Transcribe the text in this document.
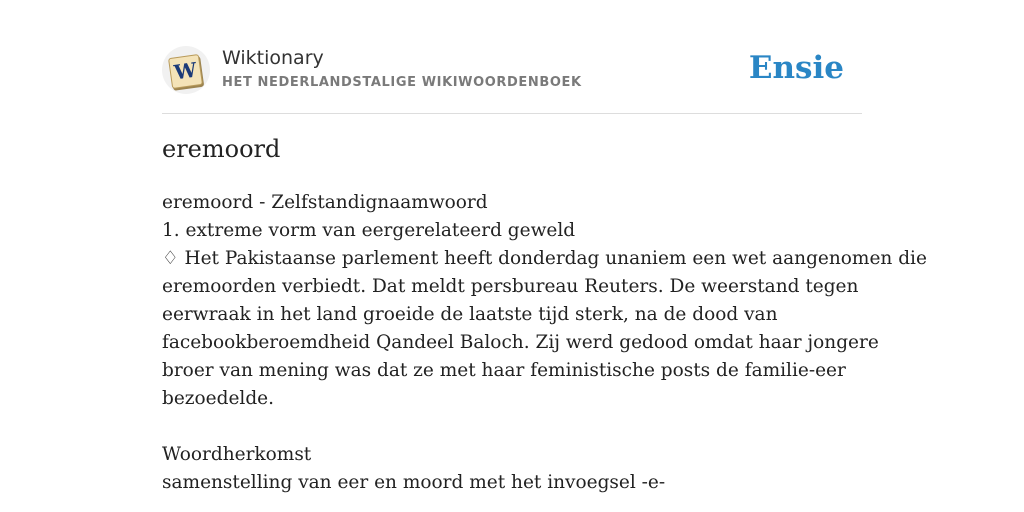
W Wiktionary
HET NEDERLANDSTALIGE WIKIWOORDENBOEK	Ensie
eremoord
eremoord - Zelfstandignaamwoord
1. extreme vorm van eergerelateerd geweld
♢ Het Pakistaanse parlement heeft donderdag unaniem een wet aangenomen die
eremoorden verbiedt. Dat meldt persbureau Reuters. De weerstand tegen
eerwraak in het land groeide de laatste tijd sterk, na de dood van
facebookberoemdheid Qandeel Baloch. Zij werd gedood omdat haar jongere
broer van mening was dat ze met haar feministische posts de familie-eer
bezoedelde.
Woordherkomst
samenstelling van eer en moord met het invoegsel -e-
